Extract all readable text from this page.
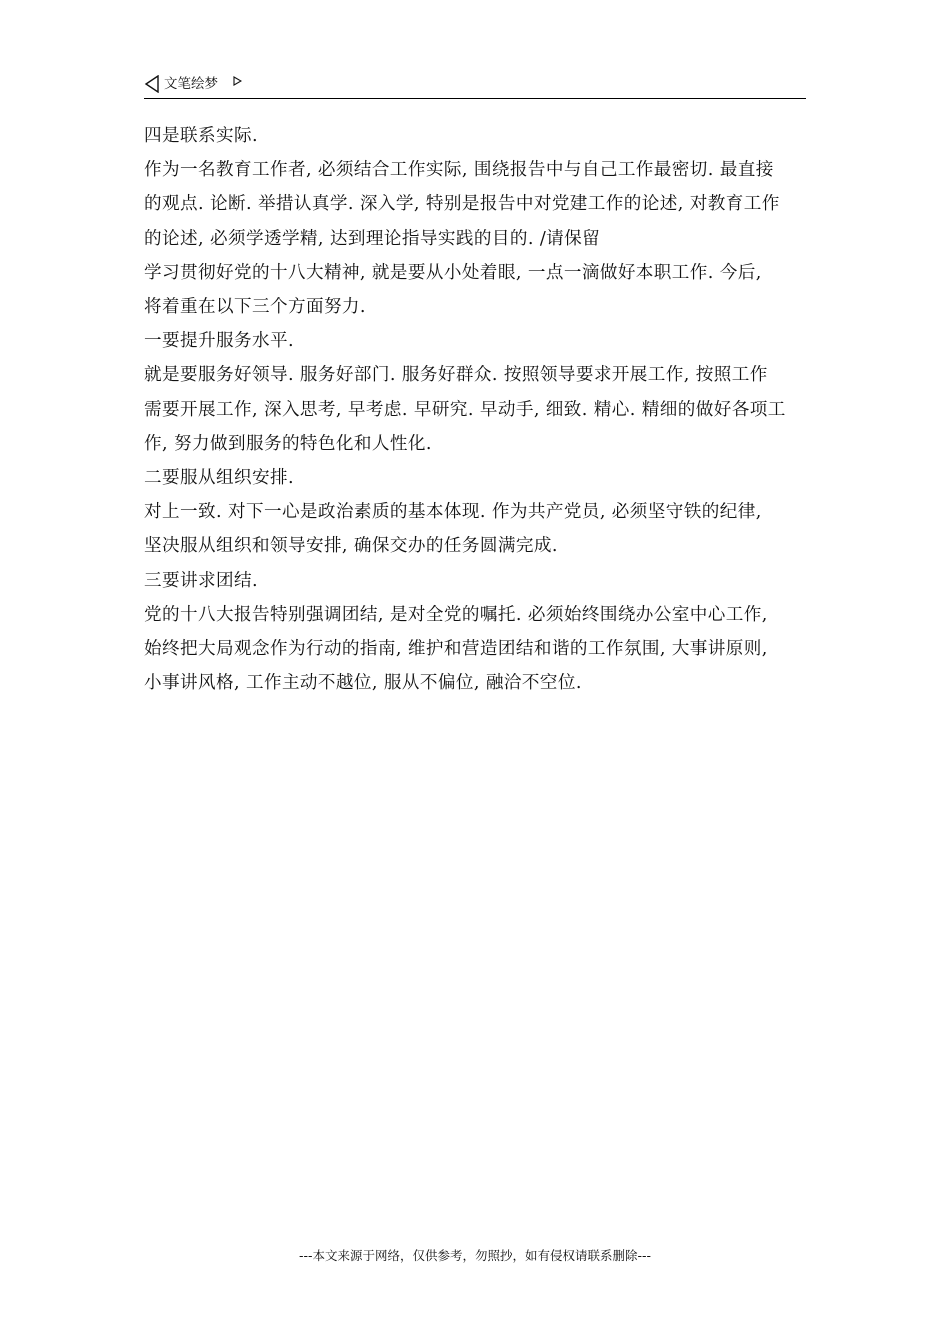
文笔绘梦

四是联系实际.

作为一名教育工作者, 必须结合工作实际, 围绕报告中与自己工作最密切. 最直接

的观点. 论断. 举措认真学. 深入学, 特别是报告中对党建工作的论述, 对教育工作

的论述, 必须学透学精, 达到理论指导实践的目的. /请保留

学习贯彻好党的十八大精神, 就是要从小处着眼, 一点一滴做好本职工作. 今后,

将着重在以下三个方面努力.

一要提升服务水平.

就是要服务好领导. 服务好部门. 服务好群众. 按照领导要求开展工作, 按照工作

需要开展工作, 深入思考, 早考虑. 早研究. 早动手, 细致. 精心. 精细的做好各项工

作, 努力做到服务的特色化和人性化.

二要服从组织安排.

对上一致. 对下一心是政治素质的基本体现. 作为共产党员, 必须坚守铁的纪律,

坚决服从组织和领导安排, 确保交办的任务圆满完成.

三要讲求团结.

党的十八大报告特别强调团结, 是对全党的嘱托. 必须始终围绕办公室中心工作,

始终把大局观念作为行动的指南, 维护和营造团结和谐的工作氛围, 大事讲原则,

小事讲风格, 工作主动不越位, 服从不偏位, 融洽不空位.

---本文来源于网络，仅供参考，勿照抄，如有侵权请联系删除---
